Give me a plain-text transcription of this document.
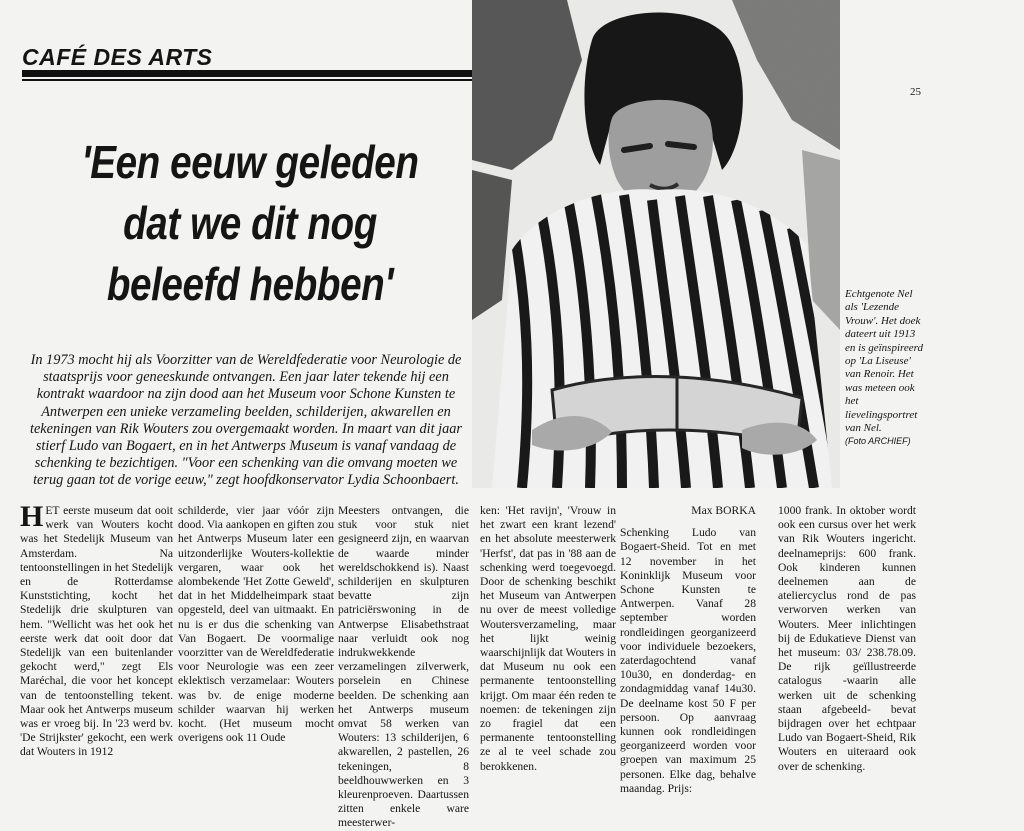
CAFÉ DES ARTS
25
'Een eeuw geleden
dat we dit nog
beleefd hebben'

In 1973 mocht hij als Voorzitter van de Wereldfederatie voor Neurologie de staatsprijs voor geneeskunde ontvangen. Een jaar later tekende hij een kontrakt waardoor na zijn dood aan het Museum voor Schone Kunsten te Antwerpen een unieke verzameling beelden, schilderijen, akwarellen en tekeningen van Rik Wouters zou overgemaakt worden. In maart van dit jaar stierf Ludo van Bogaert, en in het Antwerps Museum is vanaf vandaag de schenking te bezichtigen. "Voor een schenking van die omvang moeten we terug gaan tot de vorige eeuw," zegt hoofdkonservator Lydia Schoonbaert.

Echtgenote Nel als 'Lezende Vrouw'. Het doek dateert uit 1913 en is geïnspireerd op 'La Liseuse' van Renoir. Het was meteen ook het lievelingsportret van Nel.
(Foto ARCHIEF)

HET eerste museum dat ooit werk van Wouters kocht was het Stedelijk Museum van Amsterdam. Na tentoonstellingen in het Stedelijk en de Rotterdamse Kunststichting, kocht het Stedelijk drie skulpturen van hem. "Wellicht was het ook het eerste werk dat ooit door dat Stedelijk van een buitenlander gekocht werd," zegt Els Maréchal, die voor het koncept van de tentoonstelling tekent. Maar ook het Antwerps museum was er vroeg bij. In '23 werd bv. 'De Strijkster' gekocht, een werk dat Wouters in 1912

schilderde, vier jaar vóór zijn dood. Via aankopen en giften zou het Antwerps Museum later een uitzonderlijke Wouters-kollektie vergaren, waar ook het alombekende 'Het Zotte Geweld', dat in het Middelheimpark staat opgesteld, deel van uitmaakt. En nu is er dus die schenking van Van Bogaert. De voormalige voorzitter van de Wereldfederatie voor Neurologie was een zeer eklektisch verzamelaar: Wouters was bv. de enige moderne schilder waarvan hij werken kocht. (Het museum mocht overigens ook 11 Oude

Meesters ontvangen, die stuk voor stuk niet gesigneerd zijn, en waarvan de waarde minder wereldschokkend is). Naast schilderijen en skulpturen bevatte zijn patriciërswoning in de Antwerpse Elisabethstraat naar verluidt ook nog indrukwekkende verzamelingen zilverwerk, porselein en Chinese beelden. De schenking aan het Antwerps museum omvat 58 werken van Wouters: 13 schilderijen, 6 akwarellen, 2 pastellen, 26 tekeningen, 8 beeldhouwwerken en 3 kleurenproeven. Daartussen zitten enkele ware meesterwer-

ken: 'Het ravijn', 'Vrouw in het zwart een krant lezend' en het absolute meesterwerk 'Herfst', dat pas in '88 aan de schenking werd toegevoegd. Door de schenking beschikt het Museum van Antwerpen nu over de meest volledige Woutersverzameling, maar het lijkt weinig waarschijnlijk dat Wouters in dat Museum nu ook een permanente tentoonstelling krijgt. Om maar één reden te noemen: de tekeningen zijn zo fragiel dat een permanente tentoonstelling ze al te veel schade zou berokkenen.

Max BORKA
Schenking Ludo van Bogaert-Sheid. Tot en met 12 november in het Koninklijk Museum voor Schone Kunsten te Antwerpen. Vanaf 28 september worden rondleidingen georganizeerd voor individuele bezoekers, zaterdagochtend vanaf 10u30, en donderdag- en zondagmiddag vanaf 14u30. De deelname kost 50 F per persoon. Op aanvraag kunnen ook rondleidingen georganizeerd worden voor groepen van maximum 25 personen. Elke dag, behalve maandag. Prijs:

1000 frank. In oktober wordt ook een cursus over het werk van Rik Wouters ingericht. deelnameprijs: 600 frank. Ook kinderen kunnen deelnemen aan de ateliercyclus rond de pas verworven werken van Wouters. Meer inlichtingen bij de Edukatieve Dienst van het museum: 03/ 238.78.09. De rijk geïllustreerde catalogus -waarin alle werken uit de schenking staan afgebeeld- bevat bijdragen over het echtpaar Ludo van Bogaert-Sheid, Rik Wouters en uiteraard ook over de schenking.
